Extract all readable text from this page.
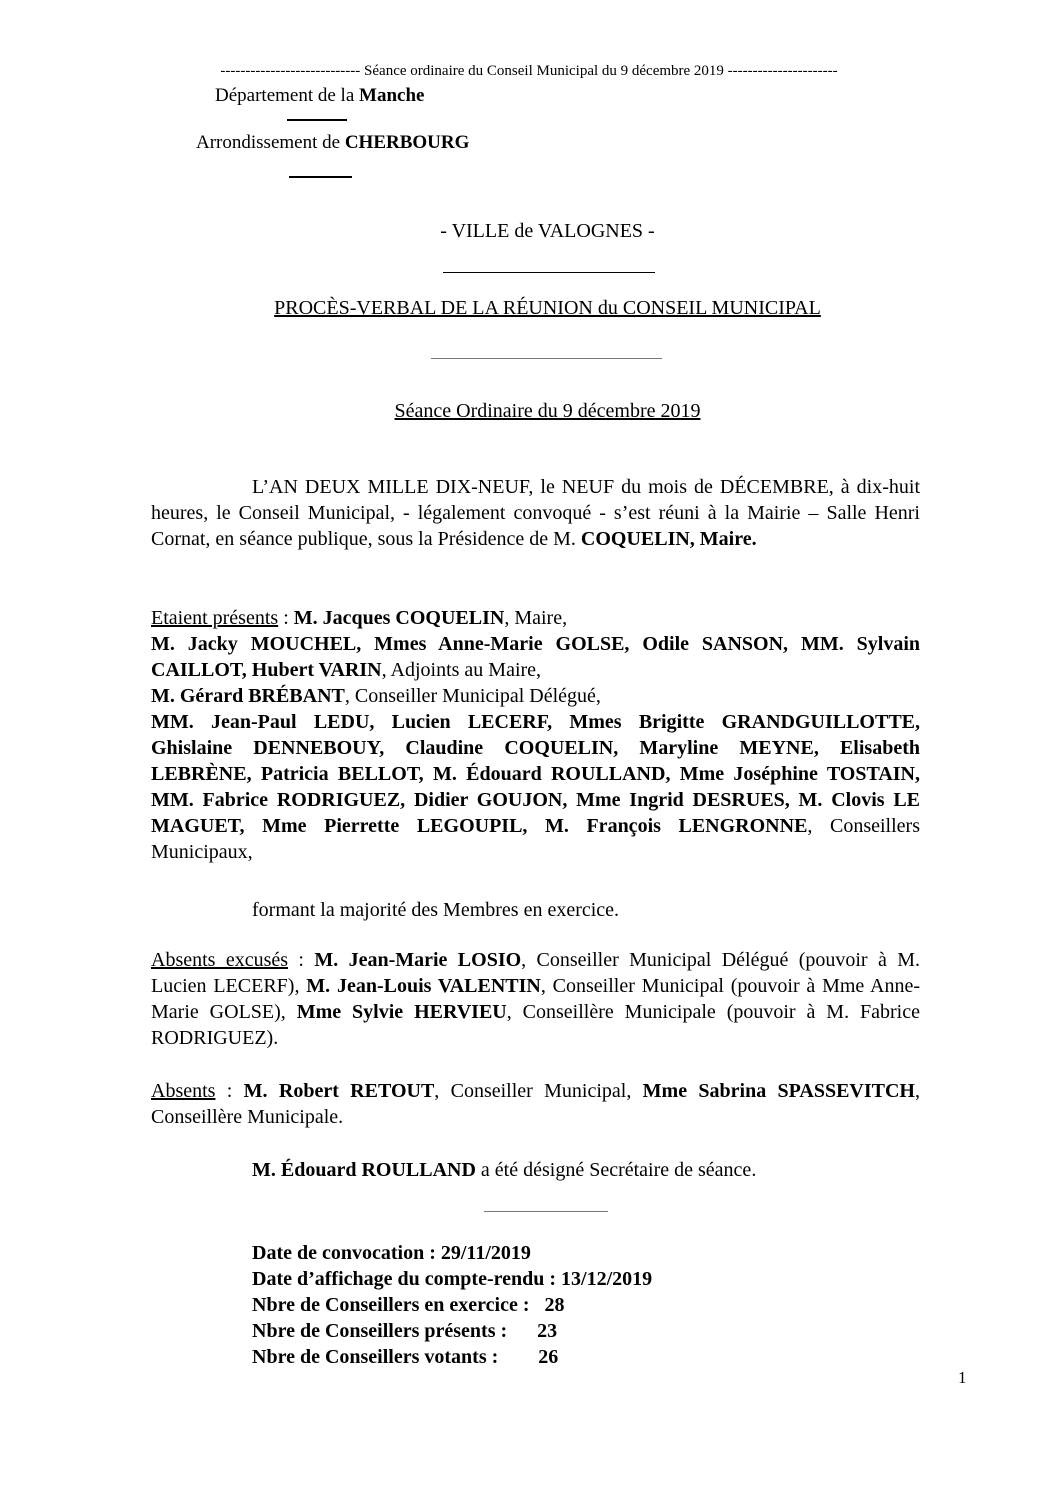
---------------------------- Séance ordinaire du Conseil Municipal du 9 décembre 2019 ----------------------
Département de la Manche
Arrondissement de CHERBOURG
- VILLE de VALOGNES -
PROCÈS-VERBAL DE LA RÉUNION du CONSEIL MUNICIPAL
Séance Ordinaire du 9 décembre 2019
L’AN DEUX MILLE DIX-NEUF, le NEUF du mois de DÉCEMBRE, à dix-huit heures, le Conseil Municipal, - légalement convoqué - s’est réuni à la Mairie – Salle Henri Cornat, en séance publique, sous la Présidence de M. COQUELIN, Maire.
Etaient présents : M. Jacques COQUELIN, Maire,
M. Jacky MOUCHEL, Mmes Anne-Marie GOLSE, Odile SANSON, MM. Sylvain CAILLOT, Hubert VARIN, Adjoints au Maire,
M. Gérard BRÉBANT, Conseiller Municipal Délégué,
MM. Jean-Paul LEDU, Lucien LECERF, Mmes Brigitte GRANDGUILLOTTE, Ghislaine DENNEBOUY, Claudine COQUELIN, Maryline MEYNE, Elisabeth LEBRÈNE, Patricia BELLOT, M. Édouard ROULLAND, Mme Joséphine TOSTAIN, MM. Fabrice RODRIGUEZ, Didier GOUJON, Mme Ingrid DESRUES, M. Clovis LE MAGUET, Mme Pierrette LEGOUPIL, M. François LENGRONNE, Conseillers Municipaux,
formant la majorité des Membres en exercice.
Absents excusés : M. Jean-Marie LOSIO, Conseiller Municipal Délégué (pouvoir à M. Lucien LECERF), M. Jean-Louis VALENTIN, Conseiller Municipal (pouvoir à Mme Anne-Marie GOLSE), Mme Sylvie HERVIEU, Conseillère Municipale (pouvoir à M. Fabrice RODRIGUEZ).
Absents : M. Robert RETOUT, Conseiller Municipal, Mme Sabrina SPASSEVITCH, Conseillère Municipale.
M. Édouard ROULLAND a été désigné Secrétaire de séance.
Date de convocation : 29/11/2019
Date d’affichage du compte-rendu : 13/12/2019
Nbre de Conseillers en exercice : 28
Nbre de Conseillers présents : 23
Nbre de Conseillers votants : 26
1
